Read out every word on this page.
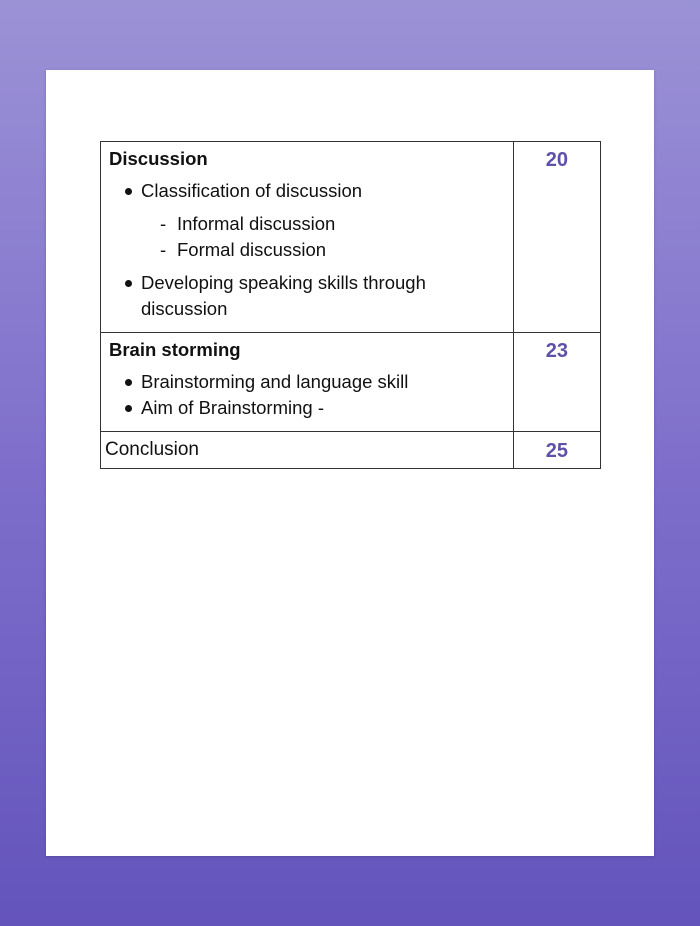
Discussion
Classification of discussion
- Informal discussion
- Formal discussion
Developing speaking skills through discussion
	20

Brain storming
Brainstorming and language skill
Aim of Brainstorming -
	23

Conclusion	25
